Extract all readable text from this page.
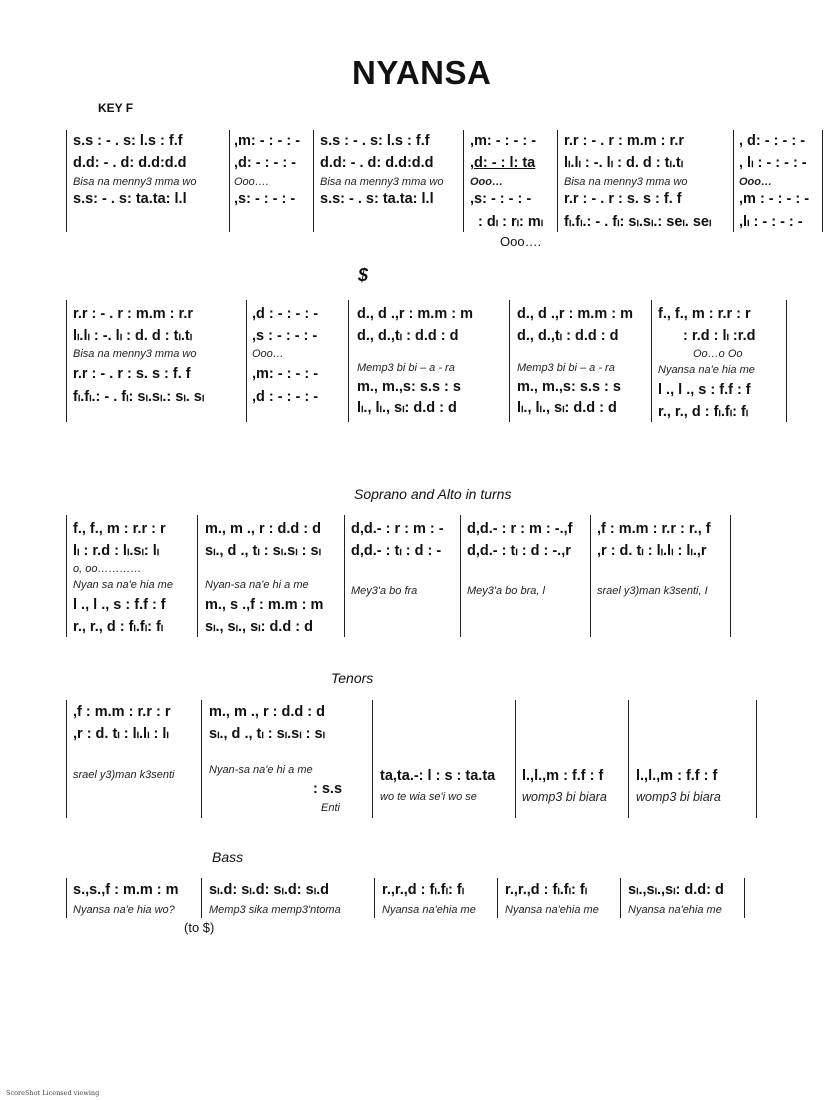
NYANSA
KEY F
s.s : - . s: l.s : f.f
d.d: - . d: d.d:d.d
Bisa na menny3 mma wo
s.s: - . s: ta.ta: l.l
,m: - : - : -
,d: - : - : -
Ooo….
,s: - : - : -
s.s : - . s: l.s : f.f
d.d: - . d: d.d:d.d
Bisa na menny3 mma wo
s.s: - . s: ta.ta: l.l
,m: - : - : -
,d: - : l: ta
Ooo…
,s: - : - : -
: dₗ : rₗ: mₗ
Ooo….
r.r : - . r : m.m : r.r
lₗ.lₗ : -. lₗ : d. d : tₗ.tₗ
Bisa na menny3 mma wo
r.r : - . r : s. s : f. f
fₗ.fₗ.: - . fₗ: sₗ.sₗ.: seₗ. seₗ
, d: - : - : -
, lₗ : - : - : -
Ooo…
,m : - : - : -
,lₗ : - : - : -
$
r.r : - . r : m.m : r.r
lₗ.lₗ : -. lₗ : d. d : tₗ.tₗ
Bisa na menny3 mma wo
r.r : - . r : s. s : f. f
fₗ.fₗ.: - . fₗ: sₗ.sₗ.: sₗ. sₗ
,d : - : - : -
,s : - : - : -
Ooo…
,m: - : - : -
,d : - : - : -
d., d .,r : m.m : m
d., d.,tₗ : d.d : d
Memp3 bi bi – a - ra
m., m.,s: s.s : s
lₗ., lₗ., sₗ: d.d : d
d., d .,r : m.m : m
d., d.,tₗ : d.d : d
Memp3 bi bi – a - ra
m., m.,s: s.s : s
lₗ., lₗ., sₗ: d.d : d
f., f., m : r.r : r
: r.d : lₗ :r.d
Oo…o Oo
Nyansa na'e hia me
l ., l ., s : f.f : f
r., r., d : fₗ.fₗ: fₗ
Soprano and Alto in turns
f., f., m : r.r : r
lₗ : r.d : lₗ.sₗ: lₗ
o, oo…………
Nyan sa na'e hia me
l ., l ., s : f.f : f
r., r., d : fₗ.fₗ: fₗ
m., m ., r : d.d : d
sₗ., d ., tₗ : sₗ.sₗ : sₗ
Nyan-sa na'e hi a me
m., s .,f : m.m : m
sₗ., sₗ., sₗ: d.d : d
d,d.- : r : m : -
d,d.- : tₗ : d : -
Mey3'a bo fra
d,d.- : r : m : -.,f
d,d.- : tₗ : d : -.,r
Mey3'a bo bra, l
,f : m.m : r.r : r., f
,r : d. tₗ : lₗ.lₗ : lₗ.,r
srael y3)man k3senti, I
Tenors
,f : m.m : r.r : r
,r : d. tₗ : lₗ.lₗ : lₗ
srael y3)man k3senti
m., m ., r : d.d : d
sₗ., d ., tₗ : sₗ.sₗ : sₗ
Nyan-sa na'e hi a me
: s.s
Enti
ta,ta.-: l : s : ta.ta
wo te wia se'i wo se
l.,l.,m : f.f : f
womp3 bi biara
l.,l.,m : f.f : f
womp3 bi biara
Bass
s.,s.,f : m.m : m
Nyansa na'e hia wo?
sₗ.d: sₗ.d: sₗ.d: sₗ.d
Memp3 sika memp3'ntoma
r.,r.,d : fₗ.fₗ: fₗ
Nyansa na'ehia me
r.,r.,d : fₗ.fₗ: fₗ
Nyansa na'ehia me
sₗ.,sₗ.,sₗ: d.d: d
Nyansa na'ehia me
(to $)
ScoreShot Licensed viewing
